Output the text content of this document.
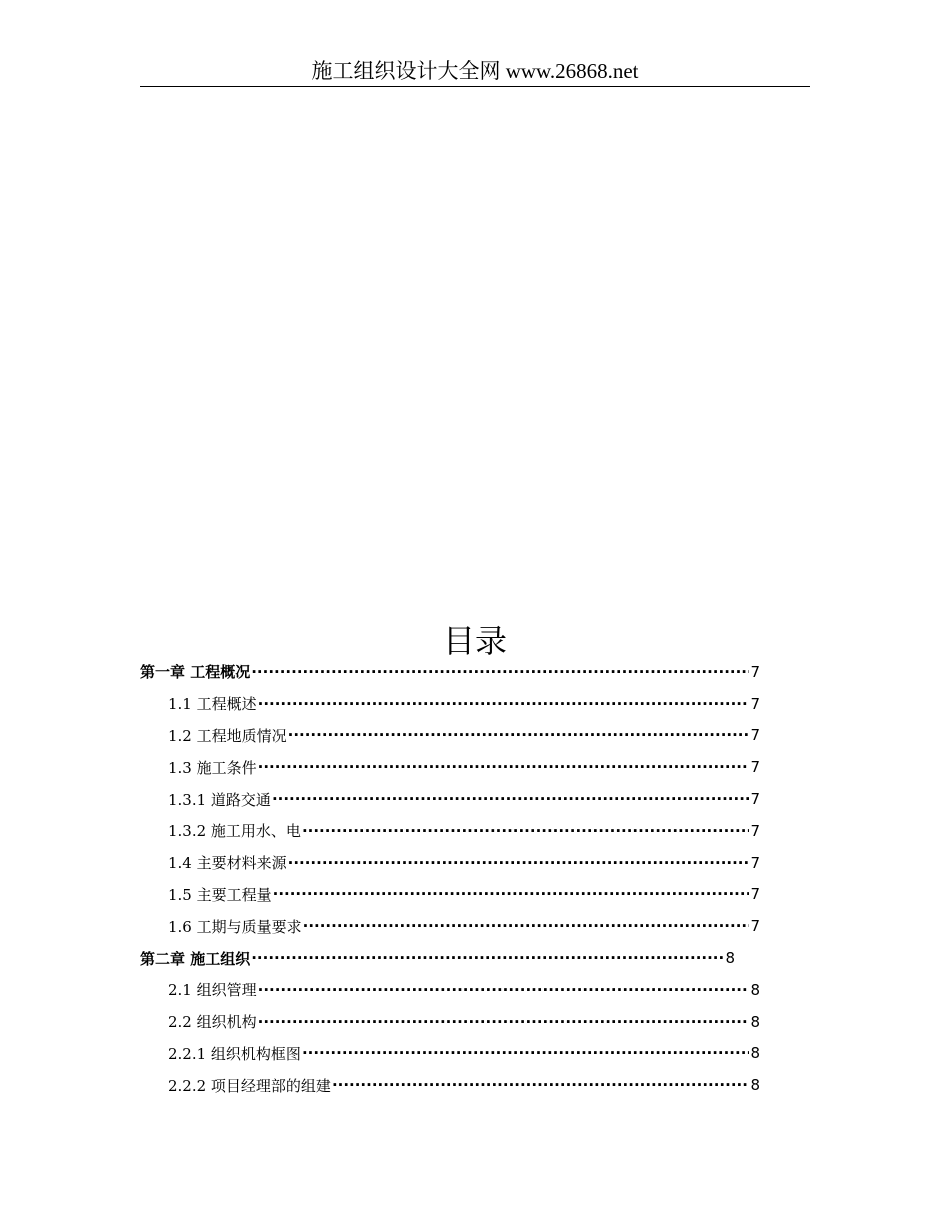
施工组织设计大全网 www.26868.net
目录
第一章 工程概况 ·····	7
1.1 工程概述 ·····	7
1.2 工程地质情况 ·····	7
1.3 施工条件 ·····	7
1.3.1 道路交通 ·····	7
1.3.2 施工用水、电 ·····	7
1.4 主要材料来源 ·····	7
1.5 主要工程量 ·····	7
1.6 工期与质量要求 ·····	7
第二章 施工组织 ·····	8
2.1 组织管理 ·····	8
2.2 组织机构 ·····	8
2.2.1 组织机构框图 ·····	8
2.2.2 项目经理部的组建 ·····	8
